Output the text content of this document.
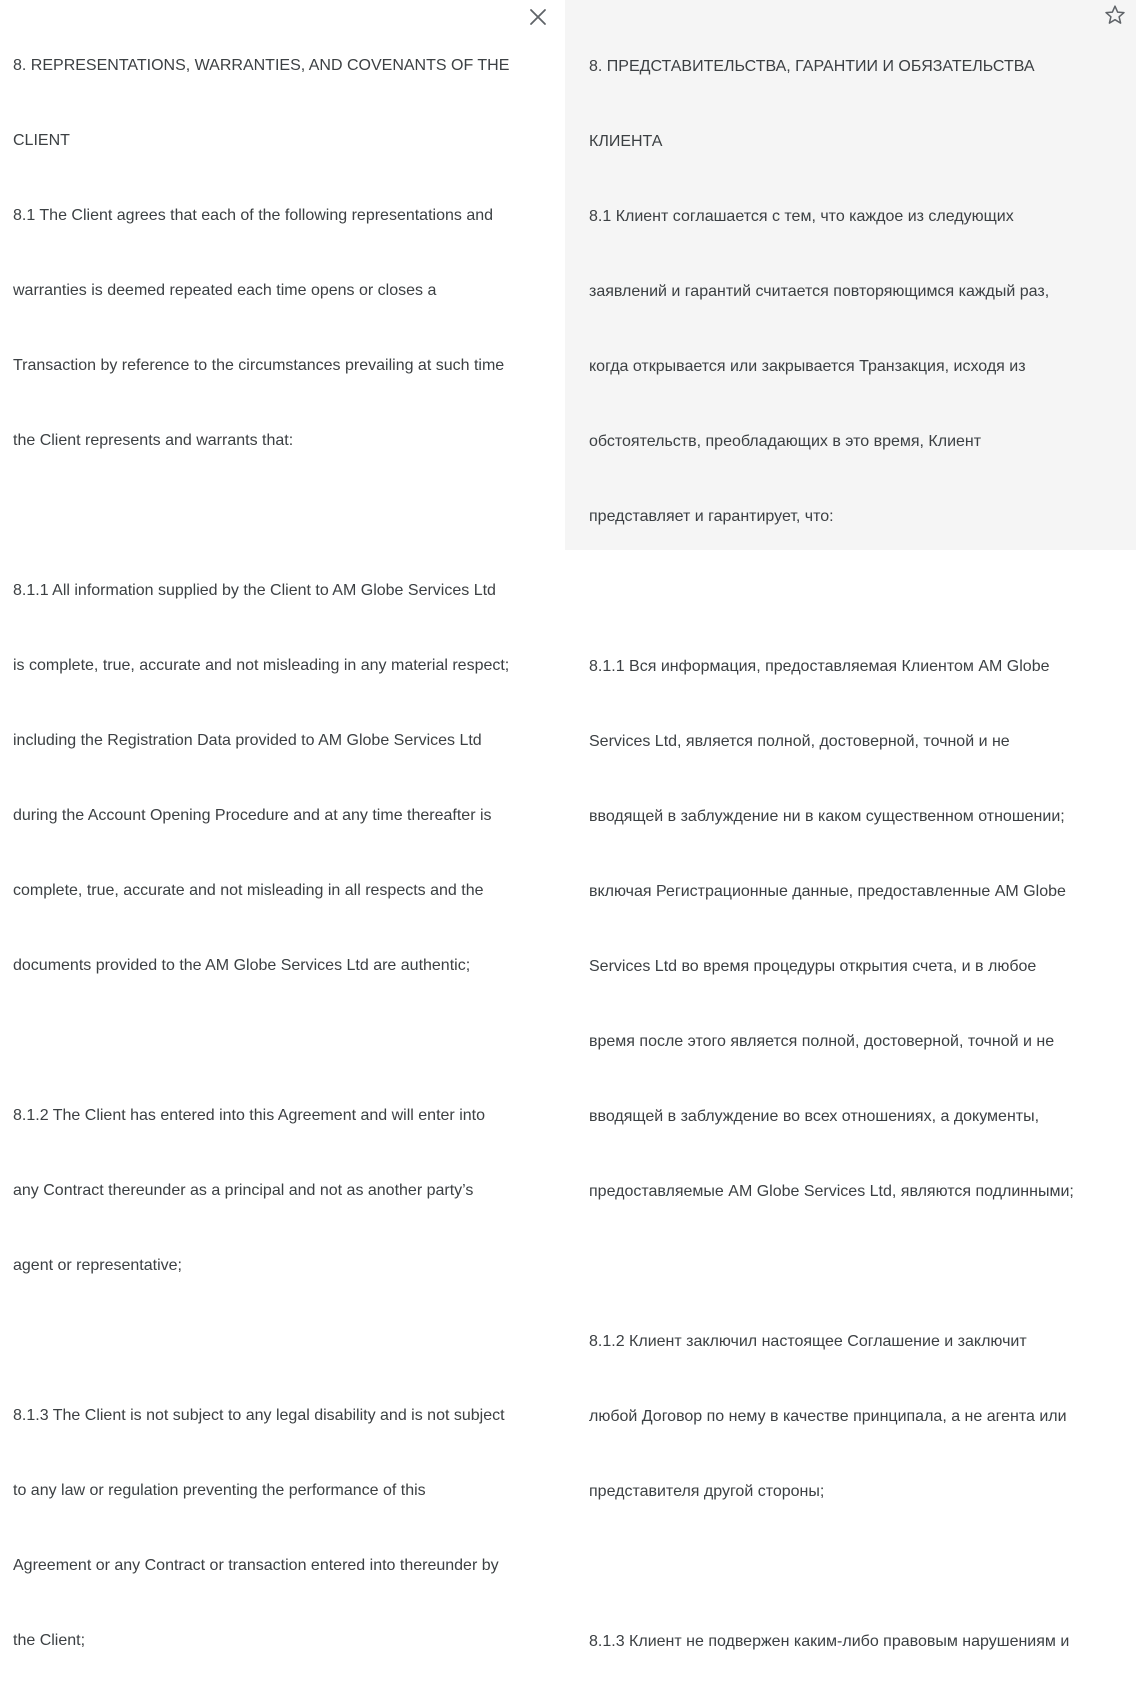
8. REPRESENTATIONS, WARRANTIES, AND COVENANTS OF THE

CLIENT

8.1 The Client agrees that each of the following representations and

warranties is deemed repeated each time opens or closes a

Transaction by reference to the circumstances prevailing at such time

the Client represents and warrants that:

8.1.1 All information supplied by the Client to AM Globe Services Ltd

is complete, true, accurate and not misleading in any material respect;

including the Registration Data provided to AM Globe Services Ltd

during the Account Opening Procedure and at any time thereafter is

complete, true, accurate and not misleading in all respects and the

documents provided to the AM Globe Services Ltd are authentic;

8.1.2 The Client has entered into this Agreement and will enter into

any Contract thereunder as a principal and not as another party’s

agent or representative;

8.1.3 The Client is not subject to any legal disability and is not subject

to any law or regulation preventing the performance of this

Agreement or any Contract or transaction entered into thereunder by

the Client;

8. ПРЕДСТАВИТЕЛЬСТВА, ГАРАНТИИ И ОБЯЗАТЕЛЬСТВА

КЛИЕНТА

8.1 Клиент соглашается с тем, что каждое из следующих

заявлений и гарантий считается повторяющимся каждый раз,

когда открывается или закрывается Транзакция, исходя из

обстоятельств, преобладающих в это время, Клиент

представляет и гарантирует, что:

8.1.1 Вся информация, предоставляемая Клиентом AM Globe

Services Ltd, является полной, достоверной, точной и не

вводящей в заблуждение ни в каком существенном отношении;

включая Регистрационные данные, предоставленные AM Globe

Services Ltd во время процедуры открытия счета, и в любое

время после этого является полной, достоверной, точной и не

вводящей в заблуждение во всех отношениях, а документы,

предоставляемые AM Globe Services Ltd, являются подлинными;

8.1.2 Клиент заключил настоящее Соглашение и заключит

любой Договор по нему в качестве принципала, а не агента или

представителя другой стороны;

8.1.3 Клиент не подвержен каким-либо правовым нарушениям и
